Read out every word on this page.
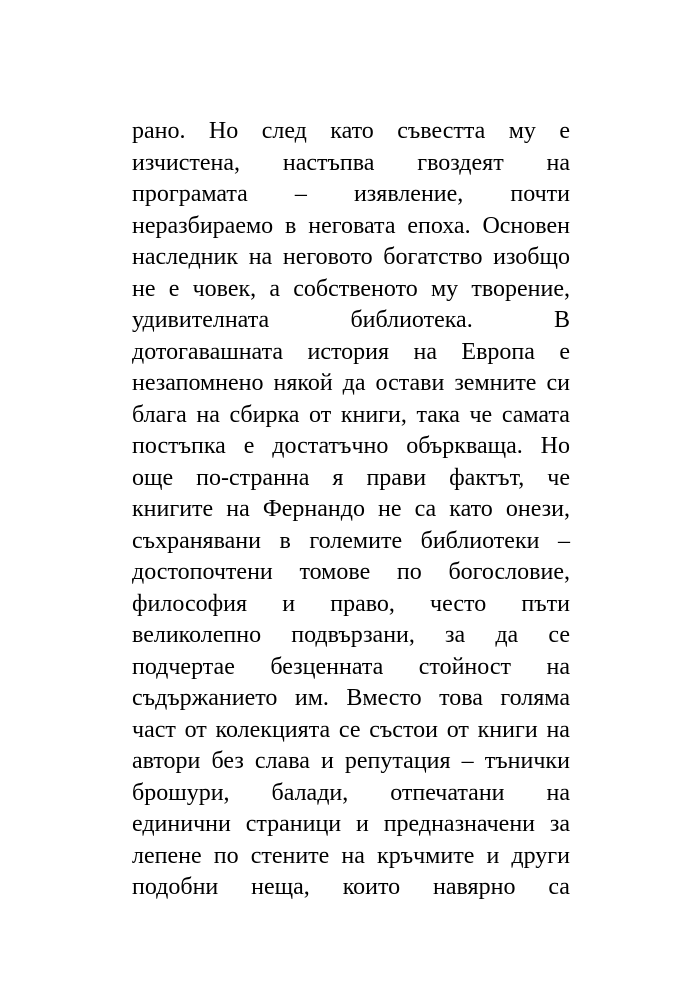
рано. Но след като съвестта му е
изчистена, настъпва гвоздеят на
програмата – изявление, почти
неразбираемо в неговата епоха. Основен
наследник на неговото богатство изобщо
не е човек, а собственото му творение,
удивителната	библиотека.	В
дотогавашната история на Европа е
незапомнено някой да остави земните си
блага на сбирка от книги, така че самата
постъпка е достатъчно объркваща. Но
още по-странна я прави фактът, че
книгите на Фернандо не са като онези,
съхранявани в големите библиотеки –
достопочтени томове по богословие,
философия и право, често пъти
великолепно подвързани, за да се
подчертае безценната стойност на
съдържанието им. Вместо това голяма
част от колекцията се състои от книги на
автори без слава и репутация – тънички
брошури, балади, отпечатани на
единични страници и предназначени за
лепене по стените на кръчмите и други
подобни неща, които навярно са
